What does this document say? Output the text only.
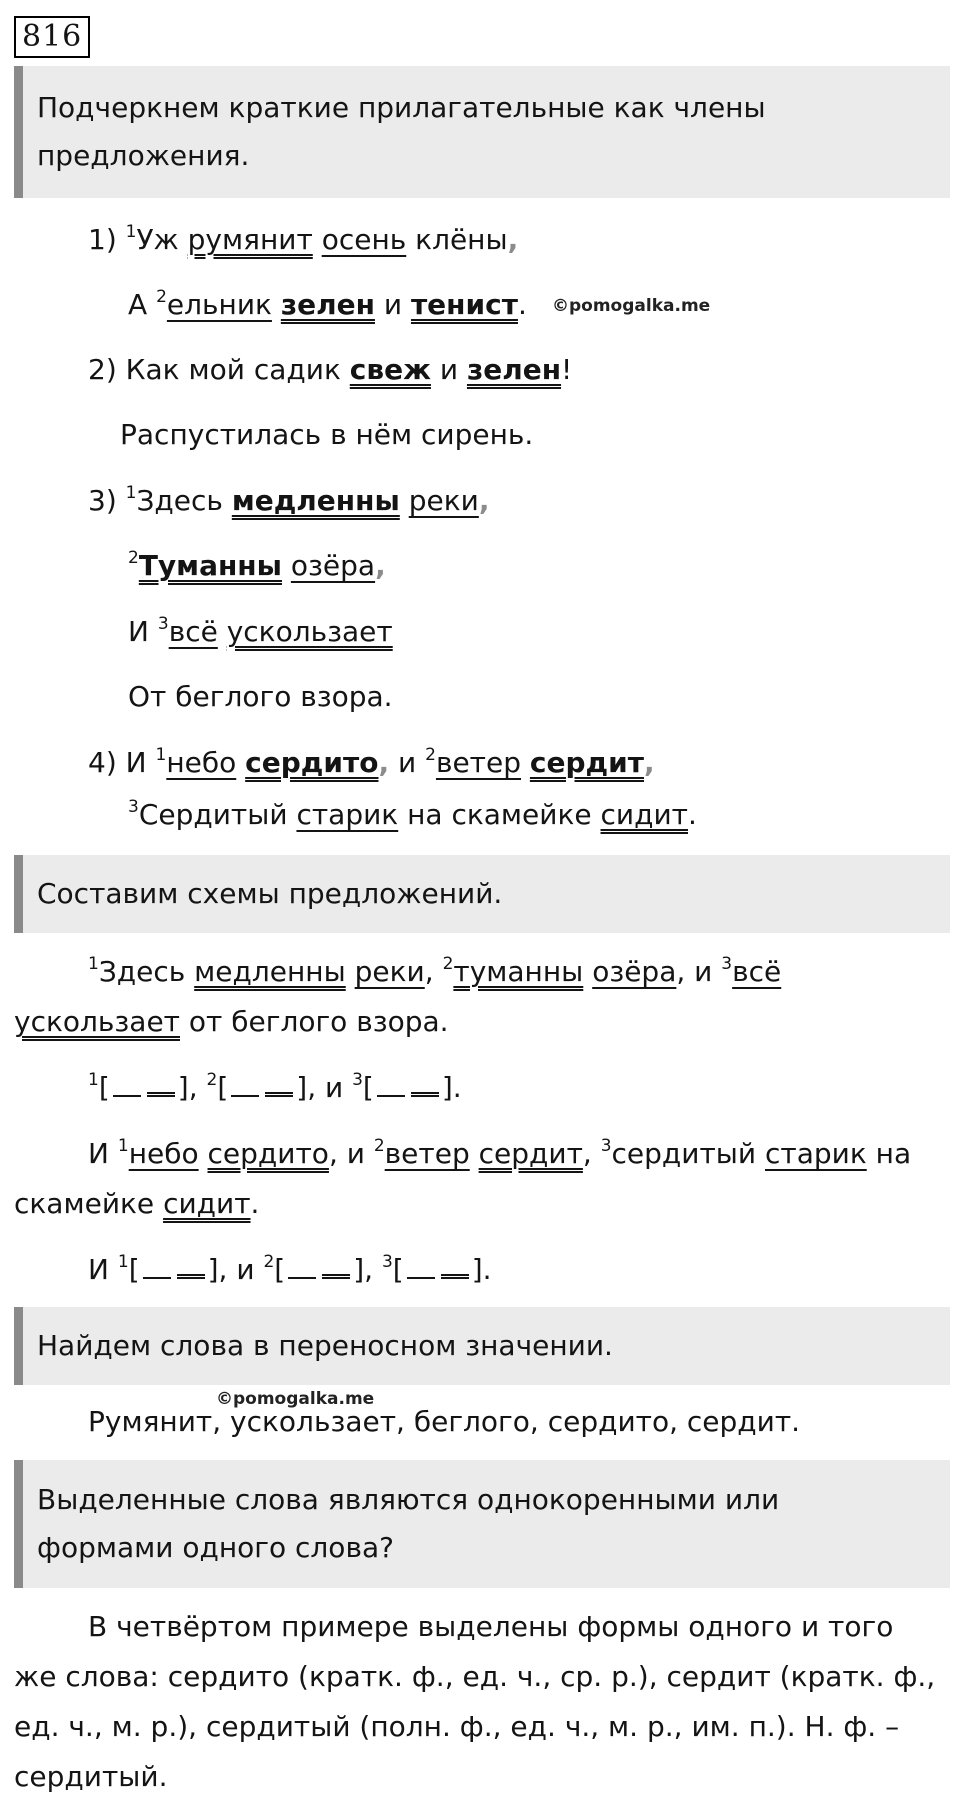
816
Подчеркнем краткие прилагательные как члены предложения.
1) $^1$Уж румянит осень клёны,
А $^2$ельник зелен и тенист. ©pomogalka.me
2) Как мой садик свеж и зелен!
Распустилась в нём сирень.
3) $^1$Здесь медленны реки,
$^2$Туманны озёра,
И $^3$всё ускользает
От беглого взора.
4) И $^1$небо сердито, и $^2$ветер сердит,
$^3$Сердитый старик на скамейке сидит.
Составим схемы предложений.
$^1$Здесь медленны реки, $^2$туманны озёра, и $^3$всё
ускользает от беглого взора.
$^1$[ ], $^2$[ ], и $^3$[ ].
И $^1$небо сердито, и $^2$ветер сердит, $^3$сердитый старик на
скамейке сидит.
И $^1$[ ], и $^2$[ ], $^3$[ ].
Найдем слова в переносном значении.
©pomogalka.me
Румянит, ускользает, беглого, сердито, сердит.
Выделенные слова являются однокоренными или формами одного слова?
В четвёртом примере выделены формы одного и того
же слова: сердито (кратк. ф., ед. ч., ср. р.), сердит (кратк. ф.,
ед. ч., м. р.), сердитый (полн. ф., ед. ч., м. р., им. п.). Н. ф. –
сердитый.
